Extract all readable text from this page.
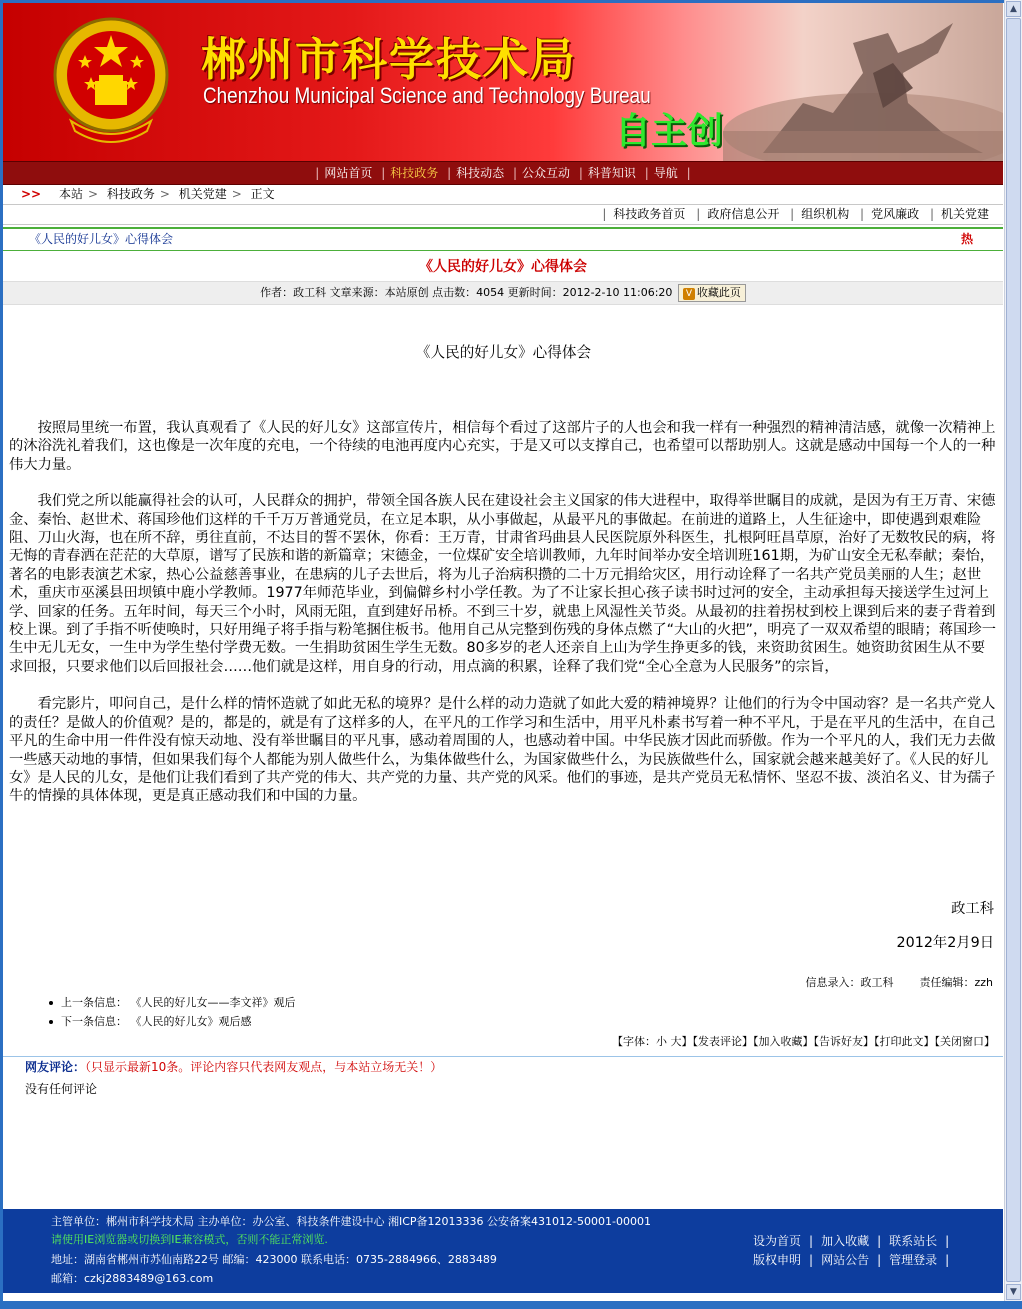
郴州市科学技术局
Chenzhou Municipal Science and Technology Bureau
自主创
| 网站首页 | 科技政务 | 科技动态 | 公众互动 | 科普知识 | 导航 |
>> 本站 > 科技政务 > 机关党建 > 正文
| 科技政务首页 | 政府信息公开 | 组织机构 | 党风廉政 | 机关党建
《人民的好儿女》心得体会	热
《人民的好儿女》心得体会
作者：政工科 文章来源：本站原创 点击数：4054 更新时间：2012-2-10 11:06:20 V 收藏此页
《人民的好儿女》心得体会

按照局里统一布置，我认真观看了《人民的好儿女》这部宣传片，相信每个看过了这部片子的人也会和我一样有一种强烈的精神清洁感，就像一次精神上的沐浴洗礼着我们，这也像是一次年度的充电，一个待续的电池再度内心充实，于是又可以支撑自己，也希望可以帮助别人。这就是感动中国每一个人的一种伟大力量。

我们党之所以能赢得社会的认可，人民群众的拥护，带领全国各族人民在建设社会主义国家的伟大进程中，取得举世瞩目的成就，是因为有王万青、宋德金、秦怡、赵世术、蒋国珍他们这样的千千万万普通党员，在立足本职，从小事做起，从最平凡的事做起。在前进的道路上，人生征途中，即使遇到艰难险阻、刀山火海，也在所不辞，勇往直前，不达目的誓不罢休，你看：王万青，甘肃省玛曲县人民医院原外科医生，扎根阿旺昌草原，治好了无数牧民的病，将无悔的青春洒在茫茫的大草原，谱写了民族和谐的新篇章；宋德金，一位煤矿安全培训教师，九年时间举办安全培训班161期，为矿山安全无私奉献；秦怡，著名的电影表演艺术家，热心公益慈善事业，在患病的儿子去世后，将为儿子治病积攒的二十万元捐给灾区，用行动诠释了一名共产党员美丽的人生；赵世术，重庆市巫溪县田坝镇中鹿小学教师。1977年师范毕业，到偏僻乡村小学任教。为了不让家长担心孩子读书时过河的安全，主动承担每天接送学生过河上学、回家的任务。五年时间，每天三个小时，风雨无阻，直到建好吊桥。不到三十岁，就患上风湿性关节炎。从最初的拄着拐杖到校上课到后来的妻子背着到校上课。到了手指不听使唤时，只好用绳子将手指与粉笔捆住板书。他用自己从完整到伤残的身体点燃了“大山的火把”，明亮了一双双希望的眼睛；蒋国珍一生中无儿无女，一生中为学生垫付学费无数。一生捐助贫困生学生无数。80多岁的老人还亲自上山为学生挣更多的钱，来资助贫困生。她资助贫困生从不要求回报，只要求他们以后回报社会……他们就是这样，用自身的行动，用点滴的积累，诠释了我们党“全心全意为人民服务”的宗旨，

看完影片，叩问自己，是什么样的情怀造就了如此无私的境界？是什么样的动力造就了如此大爱的精神境界？让他们的行为令中国动容？是一名共产党人的责任？是做人的价值观？是的，都是的，就是有了这样多的人，在平凡的工作学习和生活中，用平凡朴素书写着一种不平凡，于是在平凡的生活中，在自己平凡的生命中用一件件没有惊天动地、没有举世瞩目的平凡事，感动着周围的人，也感动着中国。中华民族才因此而骄傲。作为一个平凡的人，我们无力去做一些感天动地的事情，但如果我们每个人都能为别人做些什么，为集体做些什么，为国家做些什么，为民族做些什么，国家就会越来越美好了。《人民的好儿女》是人民的儿女，是他们让我们看到了共产党的伟大、共产党的力量、共产党的风采。他们的事迹，是共产党员无私情怀、坚忍不拔、淡泊名义、甘为孺子牛的情操的具体体现，更是真正感动我们和中国的力量。

政工科
2012年2月9日
信息录入：政工科 责任编辑：zzh
上一条信息： 《人民的好儿女——李文祥》观后
下一条信息： 《人民的好儿女》观后感
【字体：小 大】【发表评论】【加入收藏】【告诉好友】【打印此文】【关闭窗口】
网友评论：（只显示最新10条。评论内容只代表网友观点，与本站立场无关！）
没有任何评论
主管单位：郴州市科学技术局 主办单位：办公室、科技条件建设中心 湘ICP备12013336 公安备案431012-50001-00001
请使用IE浏览器或切换到IE兼容模式，否则不能正常浏览.
地址：湖南省郴州市苏仙南路22号 邮编：423000 联系电话：0735-2884966、2883489
邮箱：czkj2883489@163.com
设为首页 | 加入收藏 | 联系站长 |
版权申明 | 网站公告 | 管理登录 |
▲
▼
